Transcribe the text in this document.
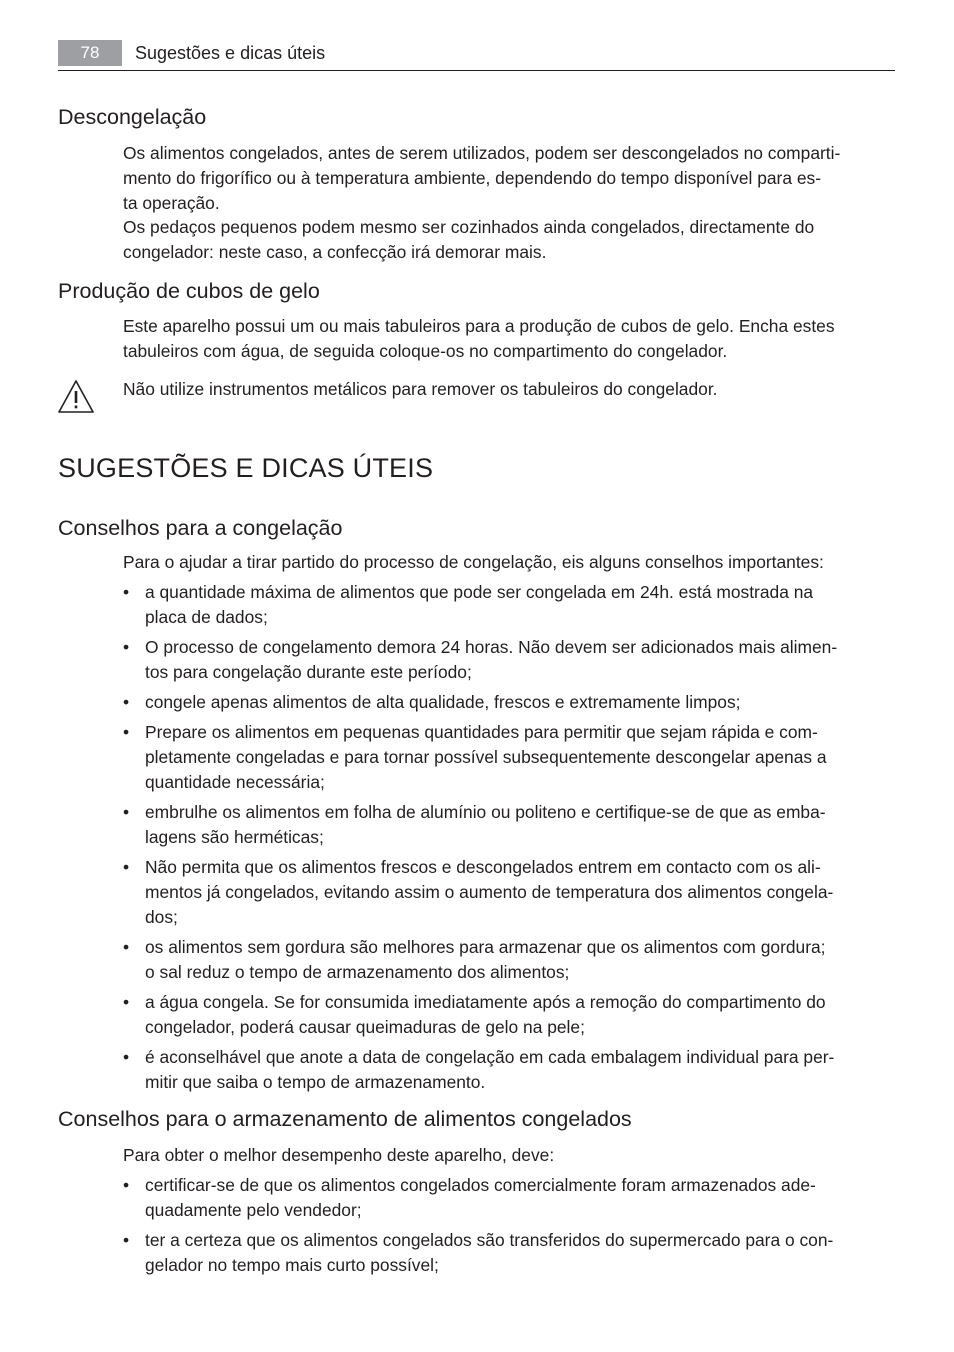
78	Sugestões e dicas úteis
Descongelação
Os alimentos congelados, antes de serem utilizados, podem ser descongelados no comparti-
mento do frigorífico ou à temperatura ambiente, dependendo do tempo disponível para es-
ta operação.
Os pedaços pequenos podem mesmo ser cozinhados ainda congelados, directamente do
congelador: neste caso, a confecção irá demorar mais.
Produção de cubos de gelo
Este aparelho possui um ou mais tabuleiros para a produção de cubos de gelo. Encha estes
tabuleiros com água, de seguida coloque-os no compartimento do congelador.
Não utilize instrumentos metálicos para remover os tabuleiros do congelador.
SUGESTÕES E DICAS ÚTEIS
Conselhos para a congelação
Para o ajudar a tirar partido do processo de congelação, eis alguns conselhos importantes:
• a quantidade máxima de alimentos que pode ser congelada em 24h. está mostrada na
placa de dados;
• O processo de congelamento demora 24 horas. Não devem ser adicionados mais alimen-
tos para congelação durante este período;
• congele apenas alimentos de alta qualidade, frescos e extremamente limpos;
• Prepare os alimentos em pequenas quantidades para permitir que sejam rápida e com-
pletamente congeladas e para tornar possível subsequentemente descongelar apenas a
quantidade necessária;
• embrulhe os alimentos em folha de alumínio ou politeno e certifique-se de que as emba-
lagens são herméticas;
• Não permita que os alimentos frescos e descongelados entrem em contacto com os ali-
mentos já congelados, evitando assim o aumento de temperatura dos alimentos congela-
dos;
• os alimentos sem gordura são melhores para armazenar que os alimentos com gordura;
o sal reduz o tempo de armazenamento dos alimentos;
• a água congela. Se for consumida imediatamente após a remoção do compartimento do
congelador, poderá causar queimaduras de gelo na pele;
• é aconselhável que anote a data de congelação em cada embalagem individual para per-
mitir que saiba o tempo de armazenamento.
Conselhos para o armazenamento de alimentos congelados
Para obter o melhor desempenho deste aparelho, deve:
• certificar-se de que os alimentos congelados comercialmente foram armazenados ade-
quadamente pelo vendedor;
• ter a certeza que os alimentos congelados são transferidos do supermercado para o con-
gelador no tempo mais curto possível;
